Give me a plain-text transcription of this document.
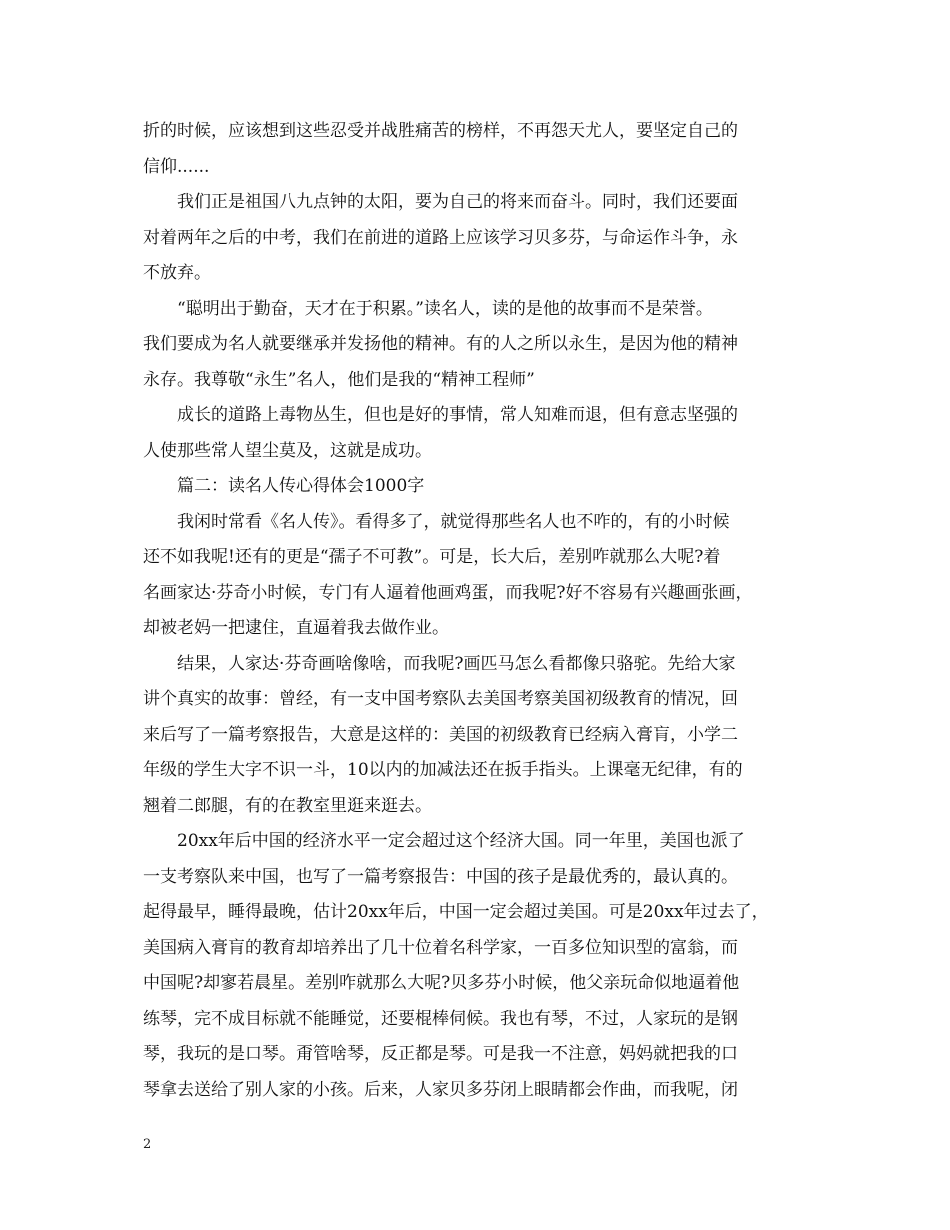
折的时候，应该想到这些忍受并战胜痛苦的榜样，不再怨天尤人，要坚定自己的
信仰......
我们正是祖国八九点钟的太阳，要为自己的将来而奋斗。同时，我们还要面
对着两年之后的中考，我们在前进的道路上应该学习贝多芬，与命运作斗争，永
不放弃。
“聪明出于勤奋，天才在于积累。”读名人，读的是他的故事而不是荣誉。
我们要成为名人就要继承并发扬他的精神。有的人之所以永生，是因为他的精神
永存。我尊敬“永生”名人，他们是我的“精神工程师”
成长的道路上毒物丛生，但也是好的事情，常人知难而退，但有意志坚强的
人使那些常人望尘莫及，这就是成功。
篇二：读名人传心得体会1000字
我闲时常看《名人传》。看得多了，就觉得那些名人也不咋的，有的小时候
还不如我呢!还有的更是“孺子不可教”。可是，长大后，差别咋就那么大呢?着
名画家达·芬奇小时候，专门有人逼着他画鸡蛋，而我呢?好不容易有兴趣画张画，
却被老妈一把逮住，直逼着我去做作业。
结果，人家达·芬奇画啥像啥，而我呢?画匹马怎么看都像只骆驼。先给大家
讲个真实的故事：曾经，有一支中国考察队去美国考察美国初级教育的情况，回
来后写了一篇考察报告，大意是这样的：美国的初级教育已经病入膏肓，小学二
年级的学生大字不识一斗，10以内的加减法还在扳手指头。上课毫无纪律，有的
翘着二郎腿，有的在教室里逛来逛去。
20xx年后中国的经济水平一定会超过这个经济大国。同一年里，美国也派了
一支考察队来中国，也写了一篇考察报告：中国的孩子是最优秀的，最认真的。
起得最早，睡得最晚，估计20xx年后，中国一定会超过美国。可是20xx年过去了，
美国病入膏肓的教育却培养出了几十位着名科学家，一百多位知识型的富翁，而
中国呢?却寥若晨星。差别咋就那么大呢?贝多芬小时候，他父亲玩命似地逼着他
练琴，完不成目标就不能睡觉，还要棍棒伺候。我也有琴，不过，人家玩的是钢
琴，我玩的是口琴。甭管啥琴，反正都是琴。可是我一不注意，妈妈就把我的口
琴拿去送给了别人家的小孩。后来，人家贝多芬闭上眼睛都会作曲，而我呢，闭
2
